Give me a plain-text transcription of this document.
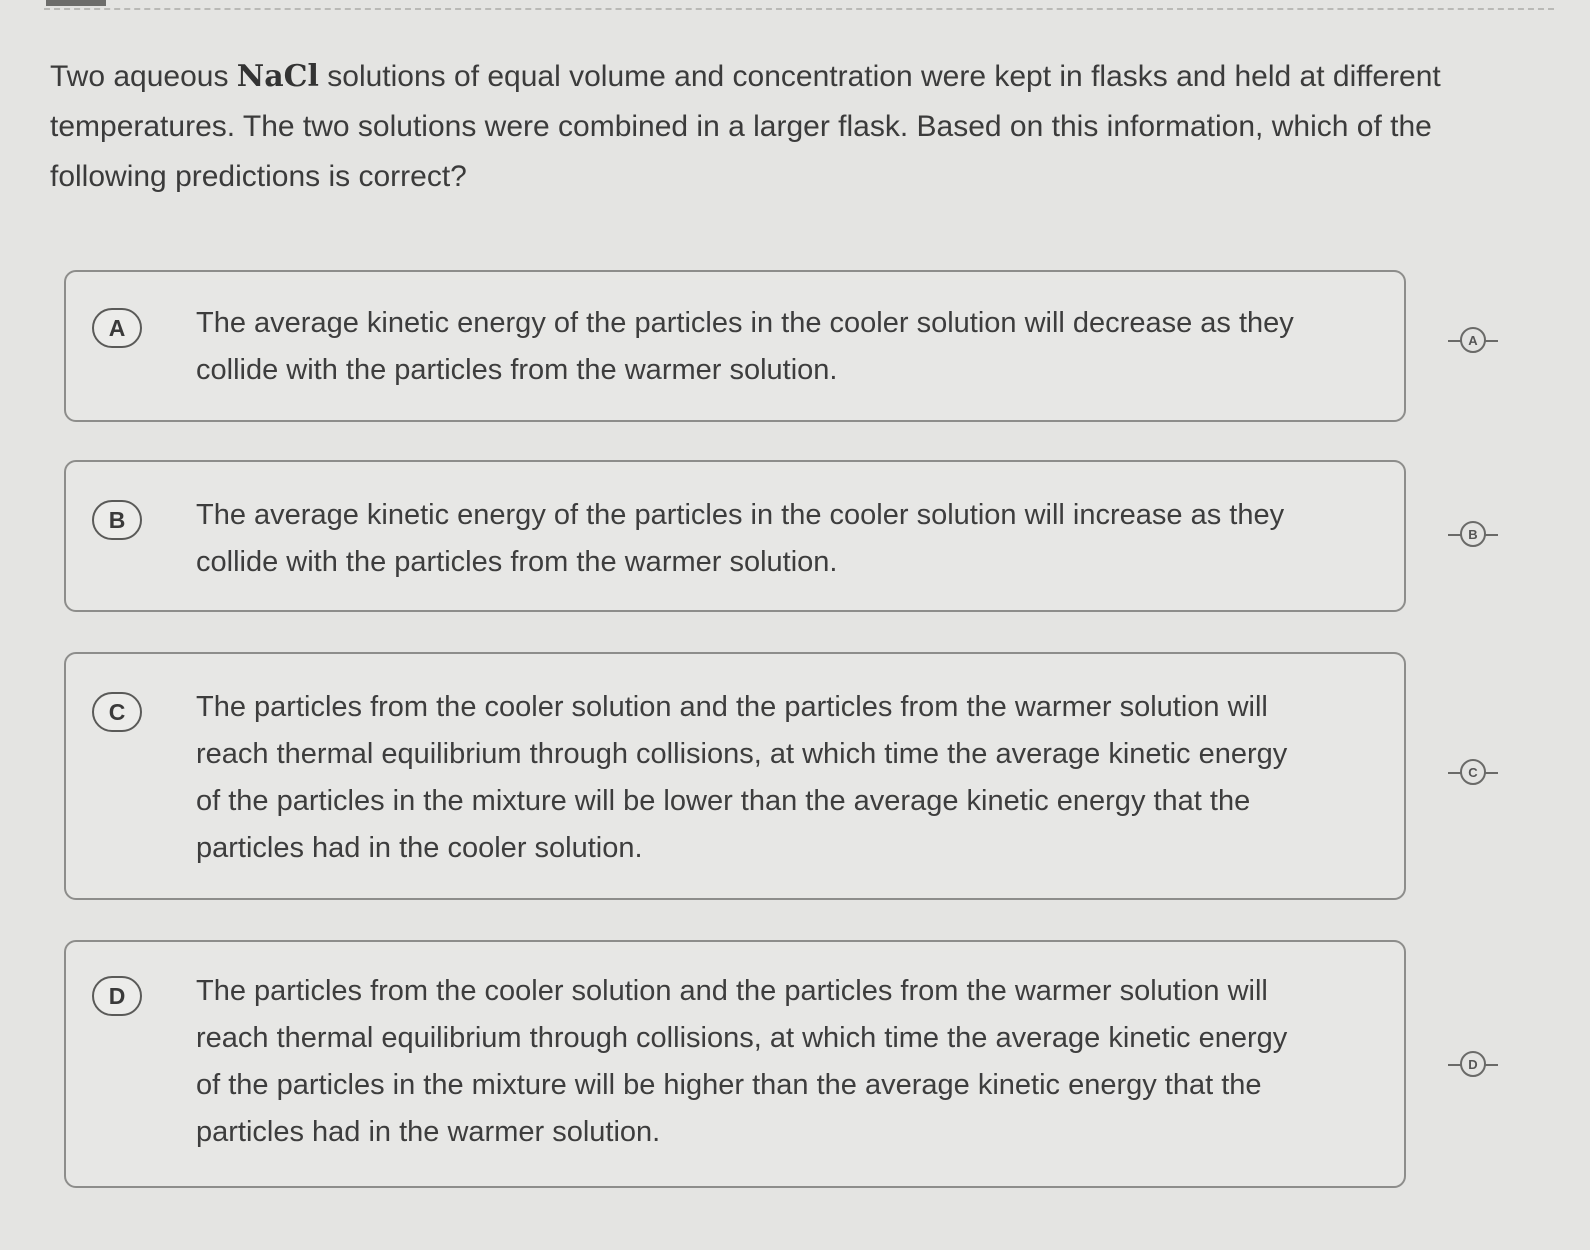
Two aqueous NaCl solutions of equal volume and concentration were kept in flasks and held at different temperatures. The two solutions were combined in a larger flask. Based on this information, which of the following predictions is correct?
A	The average kinetic energy of the particles in the cooler solution will decrease as they collide with the particles from the warmer solution.
A
B	The average kinetic energy of the particles in the cooler solution will increase as they collide with the particles from the warmer solution.
B
C	The particles from the cooler solution and the particles from the warmer solution will reach thermal equilibrium through collisions, at which time the average kinetic energy of the particles in the mixture will be lower than the average kinetic energy that the particles had in the cooler solution.
C
D	The particles from the cooler solution and the particles from the warmer solution will reach thermal equilibrium through collisions, at which time the average kinetic energy of the particles in the mixture will be higher than the average kinetic energy that the particles had in the warmer solution.
D
